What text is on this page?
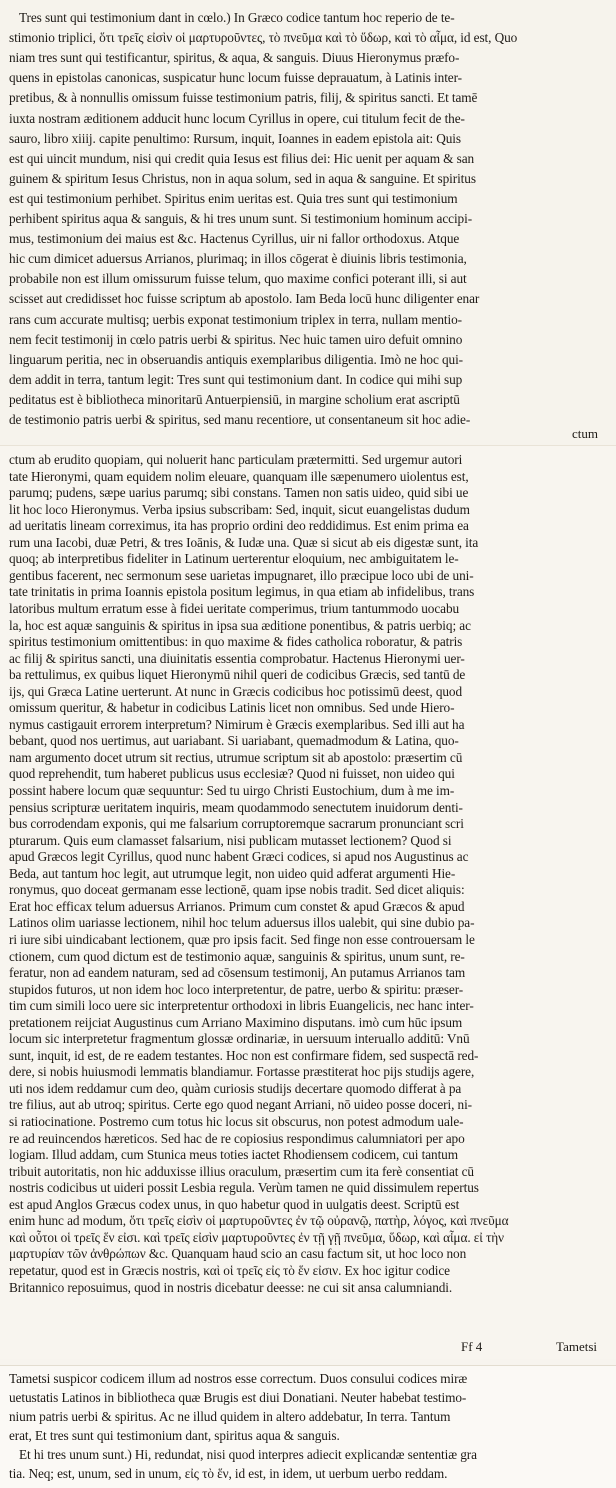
Tres sunt qui testimonium dant in cœlo.) In Græco codice tantum hoc reperio de te-
stimonio triplici, ὅτι τρεῖς εἰσὶν οἱ μαρτυροῦντες, τὸ πνεῦμα καὶ τὸ ὕδωρ, καὶ τὸ αἷμα, id est, Quo
niam tres sunt qui testificantur, spiritus, & aqua, & sanguis. Diuus Hieronymus præfo-
quens in epistolas canonicas, suspicatur hunc locum fuisse deprauatum, à Latinis inter-
pretibus, & à nonnullis omissum fuisse testimonium patris, filij, & spiritus sancti. Et tamē
iuxta nostram æditionem adducit hunc locum Cyrillus in opere, cui titulum fecit de the-
sauro, libro xiiij. capite penultimo: Rursum, inquit, Ioannes in eadem epistola ait: Quis
est qui uincit mundum, nisi qui credit quia Iesus est filius dei: Hic uenit per aquam & san
guinem & spiritum Iesus Christus, non in aqua solum, sed in aqua & sanguine. Et spiritus
est qui testimonium perhibet. Spiritus enim ueritas est. Quia tres sunt qui testimonium
perhibent spiritus aqua & sanguis, & hi tres unum sunt. Si testimonium hominum accipi-
mus, testimonium dei maius est &c. Hactenus Cyrillus, uir ni fallor orthodoxus. Atque
hic cum dimicet aduersus Arrianos, plurimaq; in illos cōgerat è diuinis libris testimonia,
probabile non est illum omissurum fuisse telum, quo maxime confici poterant illi, si aut
scisset aut credidisset hoc fuisse scriptum ab apostolo. Iam Beda locū hunc diligenter enar
rans cum accurate multisq; uerbis exponat testimonium triplex in terra, nullam mentio-
nem fecit testimonij in cœlo patris uerbi & spiritus. Nec huic tamen uiro defuit omnino
linguarum peritia, nec in obseruandis antiquis exemplaribus diligentia. Imò ne hoc qui-
dem addit in terra, tantum legit: Tres sunt qui testimonium dant. In codice qui mihi sup
peditatus est è bibliotheca minoritarū Antuerpiensiū, in margine scholium erat ascriptū
de testimonio patris uerbi & spiritus, sed manu recentiore, ut consentaneum sit hoc adie-
ctum
ctum ab erudito quopiam, qui noluerit hanc particulam prætermitti. Sed urgemur autori
tate Hieronymi, quam equidem nolim eleuare, quanquam ille sæpenumero uiolentus est,
parumq; pudens, sæpe uarius parumq; sibi constans. Tamen non satis uideo, quid sibi ue
lit hoc loco Hieronymus. Verba ipsius subscribam: Sed, inquit, sicut euangelistas dudum
ad ueritatis lineam correximus, ita has proprio ordini deo reddidimus. Est enim prima ea
rum una Iacobi, duæ Petri, & tres Ioānis, & Iudæ una. Quæ si sicut ab eis digestæ sunt, ita
quoq; ab interpretibus fideliter in Latinum uerterentur eloquium, nec ambiguitatem le-
gentibus facerent, nec sermonum sese uarietas impugnaret, illo præcipue loco ubi de uni-
tate trinitatis in prima Ioannis epistola positum legimus, in qua etiam ab infidelibus, trans
latoribus multum erratum esse à fidei ueritate comperimus, trium tantummodo uocabu
la, hoc est aquæ sanguinis & spiritus in ipsa sua æditione ponentibus, & patris uerbiq; ac
spiritus testimonium omittentibus: in quo maxime & fides catholica roboratur, & patris
ac filij & spiritus sancti, una diuinitatis essentia comprobatur. Hactenus Hieronymi uer-
ba rettulimus, ex quibus liquet Hieronymū nihil queri de codicibus Græcis, sed tantū de
ijs, qui Græca Latine uerterunt. At nunc in Græcis codicibus hoc potissimū deest, quod
omissum queritur, & habetur in codicibus Latinis licet non omnibus. Sed unde Hiero-
nymus castigauit errorem interpretum? Nimirum è Græcis exemplaribus. Sed illi aut ha
bebant, quod nos uertimus, aut uariabant. Si uariabant, quemadmodum & Latina, quo-
nam argumento docet utrum sit rectius, utrumue scriptum sit ab apostolo: præsertim cū
quod reprehendit, tum haberet publicus usus ecclesiæ? Quod ni fuisset, non uideo qui
possint habere locum quæ sequuntur: Sed tu uirgo Christi Eustochium, dum à me im-
pensius scripturæ ueritatem inquiris, meam quodammodo senectutem inuidorum denti-
bus corrodendam exponis, qui me falsarium corruptoremque sacrarum pronunciant scri
pturarum. Quis eum clamasset falsarium, nisi publicam mutasset lectionem? Quod si
apud Græcos legit Cyrillus, quod nunc habent Græci codices, si apud nos Augustinus ac
Beda, aut tantum hoc legit, aut utrumque legit, non uideo quid adferat argumenti Hie-
ronymus, quo doceat germanam esse lectionē, quam ipse nobis tradit. Sed dicet aliquis:
Erat hoc efficax telum aduersus Arrianos. Primum cum constet & apud Græcos & apud
Latinos olim uariasse lectionem, nihil hoc telum aduersus illos ualebit, qui sine dubio pa-
ri iure sibi uindicabant lectionem, quæ pro ipsis facit. Sed finge non esse controuersam le
ctionem, cum quod dictum est de testimonio aquæ, sanguinis & spiritus, unum sunt, re-
feratur, non ad eandem naturam, sed ad cōsensum testimonij, An putamus Arrianos tam
stupidos futuros, ut non idem hoc loco interpretentur, de patre, uerbo & spiritu: præser-
tim cum simili loco uere sic interpretentur orthodoxi in libris Euangelicis, nec hanc inter-
pretationem reijciat Augustinus cum Arriano Maximino disputans. imò cum hūc ipsum
locum sic interpretetur fragmentum glossæ ordinariæ, in uersuum interuallo additū: Vnū
sunt, inquit, id est, de re eadem testantes. Hoc non est confirmare fidem, sed suspectā red-
dere, si nobis huiusmodi lemmatis blandiamur. Fortasse præstiterat hoc pijs studijs agere,
uti nos idem reddamur cum deo, quàm curiosis studijs decertare quomodo differat à pa
tre filius, aut ab utroq; spiritus. Certe ego quod negant Arriani, nō uideo posse doceri, ni-
si ratiocinatione. Postremo cum totus hic locus sit obscurus, non potest admodum uale-
re ad reuincendos hæreticos. Sed hac de re copiosius respondimus calumniatori per apo
logiam. Illud addam, cum Stunica meus toties iactet Rhodiensem codicem, cui tantum
tribuit autoritatis, non hic adduxisse illius oraculum, præsertim cum ita ferè consentiat cū
nostris codicibus ut uideri possit Lesbia regula. Verùm tamen ne quid dissimulem repertus
est apud Anglos Græcus codex unus, in quo habetur quod in uulgatis deest. Scriptū est
enim hunc ad modum, ὅτι τρεῖς εἰσὶν οἱ μαρτυροῦντες ἐν τῷ οὐρανῷ, πατὴρ, λόγος, καὶ πνεῦμα
καὶ οὗτοι οἱ τρεῖς ἕν εἰσι. καὶ τρεῖς εἰσὶν μαρτυροῦντες ἐν τῇ γῇ πνεῦμα, ὕδωρ, καὶ αἷμα. εἰ τὴν
μαρτυρίαν τῶν ἀνθρώπων &c. Quanquam haud scio an casu factum sit, ut hoc loco non
repetatur, quod est in Græcis nostris, καὶ οἱ τρεῖς εἰς τὸ ἕν εἰσιν. Ex hoc igitur codice
Britannico reposuimus, quod in nostris dicebatur deesse: ne cui sit ansa calumniandi.
Ff 4	Tametsi
Tametsi suspicor codicem illum ad nostros esse correctum. Duos consului codices miræ
uetustatis Latinos in bibliotheca quæ Brugis est diui Donatiani. Neuter habebat testimo-
nium patris uerbi & spiritus. Ac ne illud quidem in altero addebatur, In terra. Tantum
erat, Et tres sunt qui testimonium dant, spiritus aqua & sanguis.
Et hi tres unum sunt.) Hi, redundat, nisi quod interpres adiecit explicandæ sententiæ gra
tia. Neq; est, unum, sed in unum, εἰς τὸ ἕν, id est, in idem, ut uerbum uerbo reddam.
